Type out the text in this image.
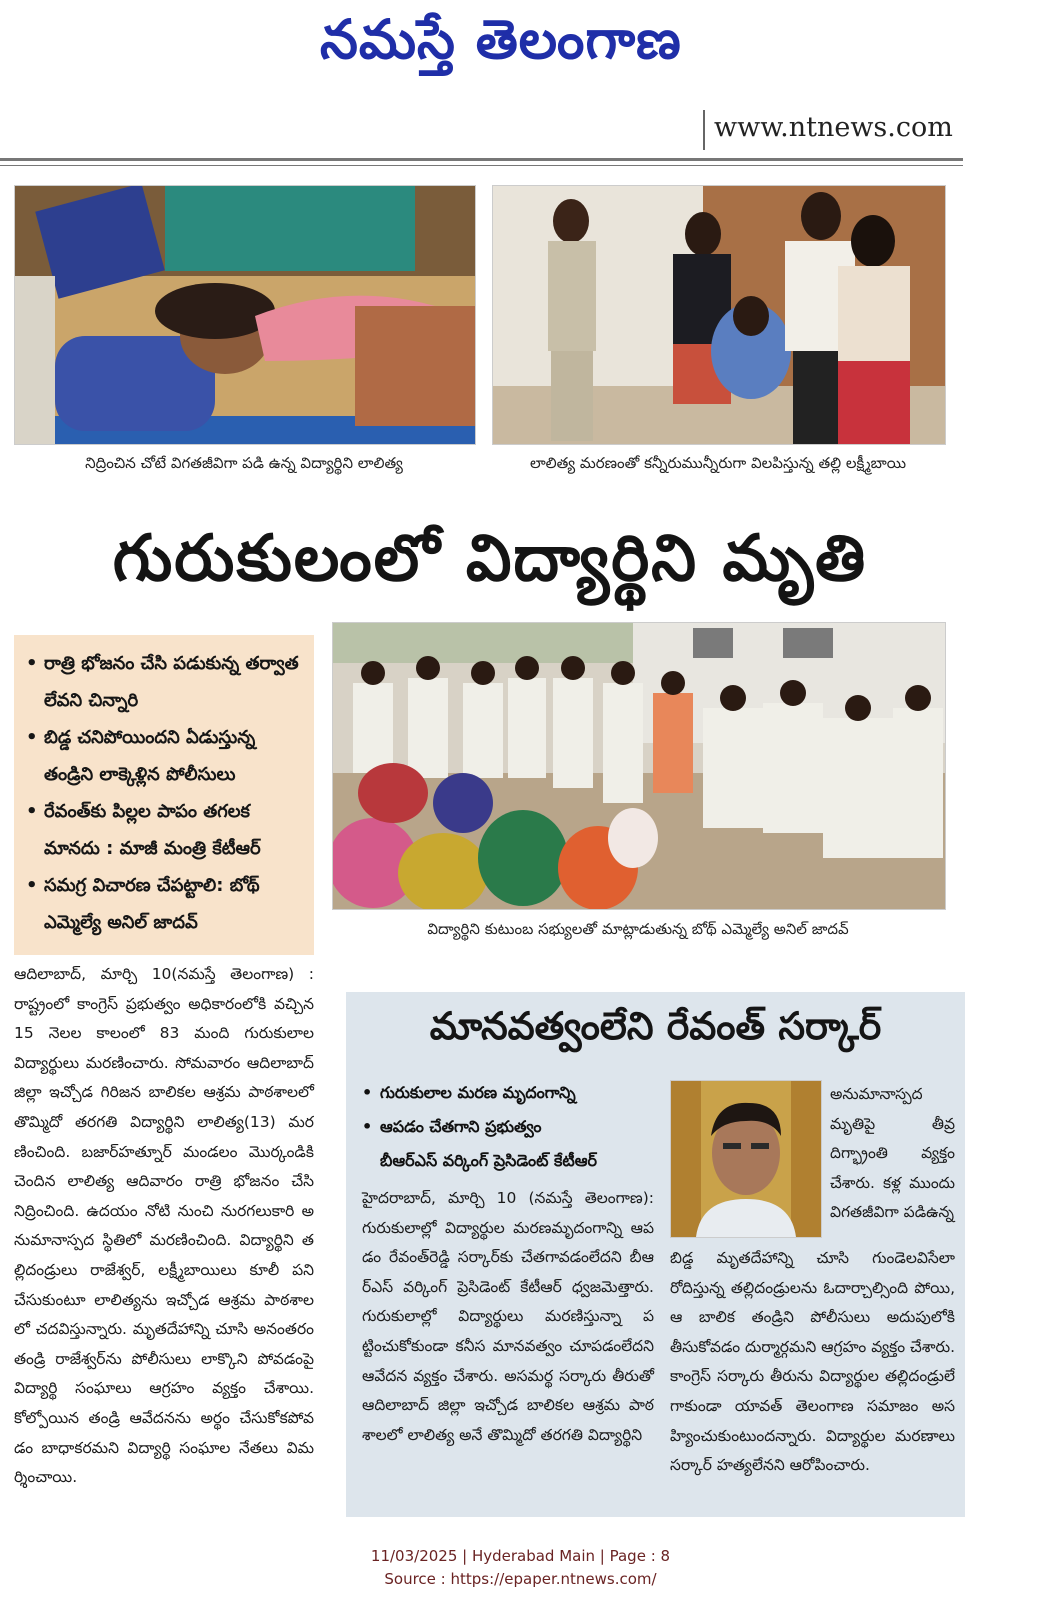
నమస్తే తెలంగాణ
www.ntnews.com
నిద్రించిన చోటే విగతజీవిగా పడి ఉన్న విద్యార్థిని లాలిత్య	లాలిత్య మరణంతో కన్నీరుమున్నీరుగా విలపిస్తున్న తల్లి లక్ష్మీబాయి
గురుకులంలో విద్యార్థిని మృతి
• రాత్రి భోజనం చేసి పడుకున్న తర్వాత లేవని చిన్నారి
• బిడ్డ చనిపోయిందని ఏడుస్తున్న తండ్రిని లాక్కెళ్లిన పోలీసులు
• రేవంత్‌కు పిల్లల పాపం తగలక మానదు : మాజీ మంత్రి కేటీఆర్‌
• సమగ్ర విచారణ చేపట్టాలి: బోథ్‌ ఎమ్మెల్యే అనిల్‌ జాదవ్‌	విద్యార్థిని కుటుంబ సభ్యులతో మాట్లాడుతున్న బోథ్‌ ఎమ్మెల్యే అనిల్‌ జాదవ్‌
ఆదిలాబాద్‌, మార్చి 10(నమస్తే తెలంగాణ) : రాష్ట్రంలో కాంగ్రెస్‌ ప్రభుత్వం అధికారంలోకి వచ్చిన 15 నెలల కాలంలో 83 మంది గురుకులాల విద్యార్థులు మరణించారు. సోమవారం ఆదిలాబాద్‌ జిల్లా ఇచ్చోడ గిరిజన బాలికల ఆశ్రమ పాఠశాలలో తొమ్మిదో తరగతి విద్యార్థిని లాలిత్య(13) మరణించింది. బజార్‌హత్నూర్‌ మండలం మొర్కండికి చెందిన లాలిత్య ఆదివారం రాత్రి భోజనం చేసి నిద్రించింది. ఉదయం నోటి నుంచి నురగలుకారి అనుమానాస్పద స్థితిలో మరణించింది. విద్యార్థిని తల్లిదండ్రులు రాజేశ్వర్‌, లక్ష్మీబాయిలు కూలీ పని చేసుకుంటూ లాలిత్యను ఇచ్చోడ ఆశ్రమ పాఠశాలలో చదవిస్తున్నారు. మృతదేహాన్ని చూసి అనంతరం తండ్రి రాజేశ్వర్‌ను పోలీసులు లాక్కొని పోవడంపై విద్యార్థి సంఘాలు ఆగ్రహం వ్యక్తం చేశాయి. కోల్పోయిన తండ్రి ఆవేదనను అర్థం చేసుకోకపోవడం బాధాకరమని విద్యార్థి సంఘాల నేతలు విమర్శించాయి.
మానవత్వంలేని రేవంత్‌ సర్కార్‌
• గురుకులాల మరణ మృదంగాన్ని
• ఆపడం చేతగాని ప్రభుత్వం
బీఆర్‌ఎస్‌ వర్కింగ్‌ ప్రెసిడెంట్‌ కేటీఆర్‌
హైదరాబాద్‌, మార్చి 10 (నమస్తే తెలంగాణ): గురుకులాల్లో విద్యార్థుల మరణమృదంగాన్ని ఆపడం రేవంత్‌రెడ్డి సర్కార్‌కు చేతగావడంలేదని బీఆర్‌ఎస్‌ వర్కింగ్‌ ప్రెసిడెంట్‌ కేటీఆర్‌ ధ్వజమెత్తారు. గురుకులాల్లో విద్యార్థులు మరణిస్తున్నా పట్టించుకోకుండా కనీస మానవత్వం చూపడంలేదని ఆవేదన వ్యక్తం చేశారు. అసమర్థ సర్కారు తీరుతో ఆదిలాబాద్‌ జిల్లా ఇచ్చోడ బాలికల ఆశ్రమ పాఠశాలలో లాలిత్య అనే తొమ్మిదో తరగతి విద్యార్థిని
అనుమానాస్పద మృతిపై తీవ్ర దిగ్భ్రాంతి వ్యక్తం చేశారు. కళ్ల ముందు విగతజీవిగా పడిఉన్న
బిడ్డ మృతదేహాన్ని చూసి గుండెలవిసేలా రోదిస్తున్న తల్లిదండ్రులను ఓదార్చాల్సింది పోయి, ఆ బాలిక తండ్రిని పోలీసులు అదుపులోకి తీసుకోవడం దుర్మార్గమని ఆగ్రహం వ్యక్తం చేశారు. కాంగ్రెస్‌ సర్కారు తీరును విద్యార్థుల తల్లిదండ్రులే గాకుండా యావత్‌ తెలంగాణ సమాజం అసహ్యించుకుంటుందన్నారు. విద్యార్థుల మరణాలు సర్కార్‌ హత్యలేనని ఆరోపించారు.
11/03/2025 | Hyderabad Main | Page : 8
Source : https://epaper.ntnews.com/
